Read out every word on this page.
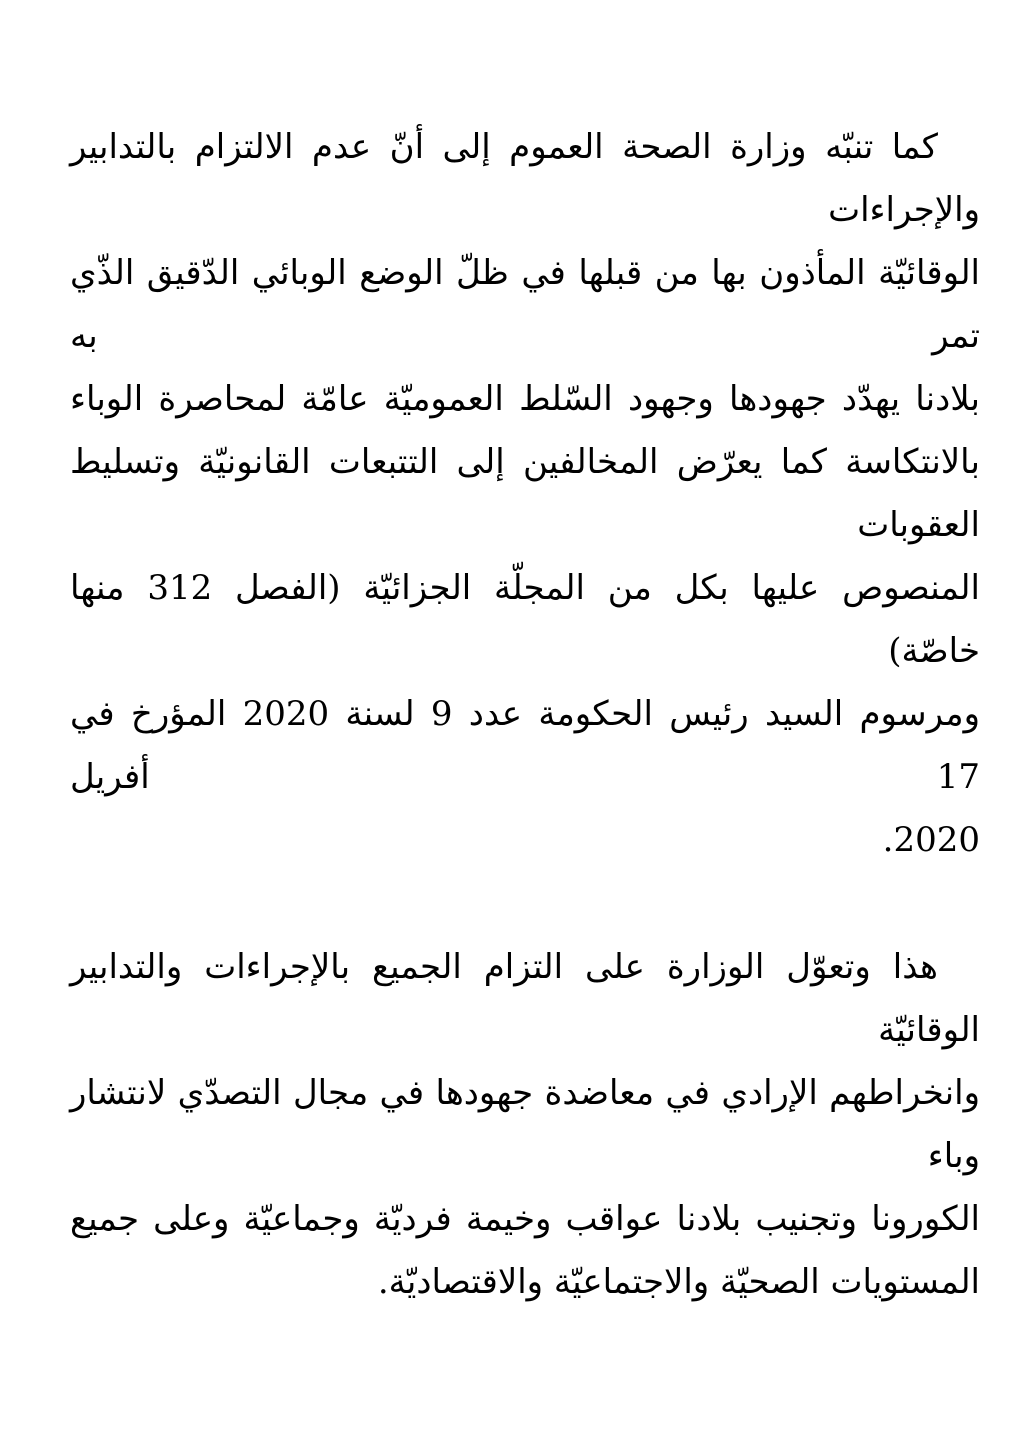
كما تنبّه وزارة الصحة العموم إلى أنّ عدم الالتزام بالتدابير والإجراءات
الوقائيّة المأذون بها من قبلها في ظلّ الوضع الوبائي الدّقيق الذّي تمر به
بلادنا يهدّد جهودها وجهود السّلط العموميّة عامّة لمحاصرة الوباء
بالانتكاسة كما يعرّض المخالفين إلى التتبعات القانونيّة وتسليط العقوبات
المنصوص عليها بكل من المجلّة الجزائيّة (الفصل 312 منها خاصّة)
ومرسوم السيد رئيس الحكومة عدد 9 لسنة 2020 المؤرخ في 17 أفريل
2020.
هذا وتعوّل الوزارة على التزام الجميع بالإجراءات والتدابير الوقائيّة
وانخراطهم الإرادي في معاضدة جهودها في مجال التصدّي لانتشار وباء
الكورونا وتجنيب بلادنا عواقب وخيمة فرديّة وجماعيّة وعلى جميع
المستويات الصحيّة والاجتماعيّة والاقتصاديّة.
